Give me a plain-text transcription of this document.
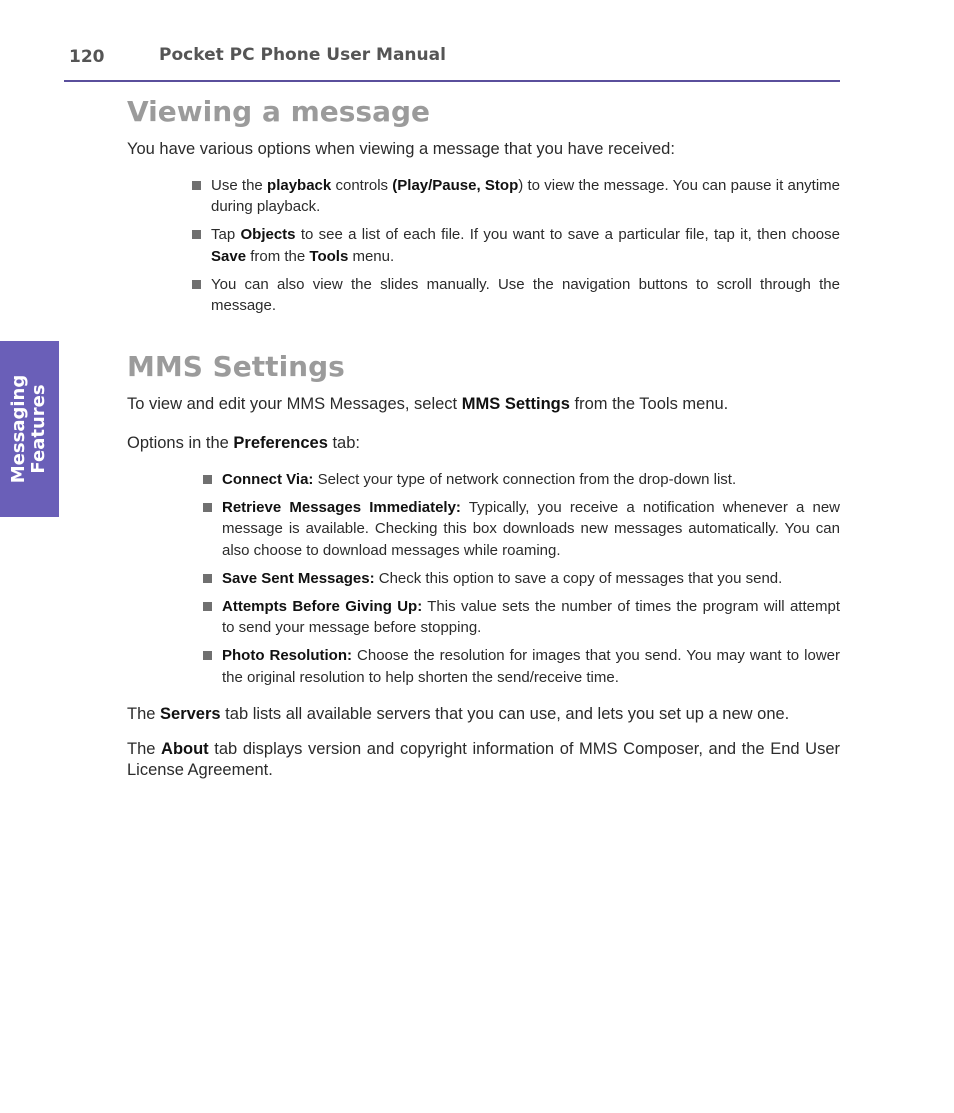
120	Pocket PC Phone User Manual
Messaging Features
Viewing a message

You have various options when viewing a message that you have received:

Use the playback controls (Play/Pause, Stop) to view the message. You can pause it anytime during playback.
Tap Objects to see a list of each file. If you want to save a particular file, tap it, then choose Save from the Tools menu.
You can also view the slides manually. Use the navigation buttons to scroll through the message.
MMS Settings

To view and edit your MMS Messages, select MMS Settings from the Tools menu.

Options in the Preferences tab:

Connect Via: Select your type of network connection from the drop-down list.
Retrieve Messages Immediately: Typically, you receive a notification whenever a new message is available. Checking this box downloads new messages automatically. You can also choose to download messages while roaming.
Save Sent Messages: Check this option to save a copy of messages that you send.
Attempts Before Giving Up: This value sets the number of times the program will attempt to send your message before stopping.
Photo Resolution: Choose the resolution for images that you send. You may want to lower the original resolution to help shorten the send/receive time.

The Servers tab lists all available servers that you can use, and lets you set up a new one.

The About tab displays version and copyright information of MMS Composer, and the End User License Agreement.
